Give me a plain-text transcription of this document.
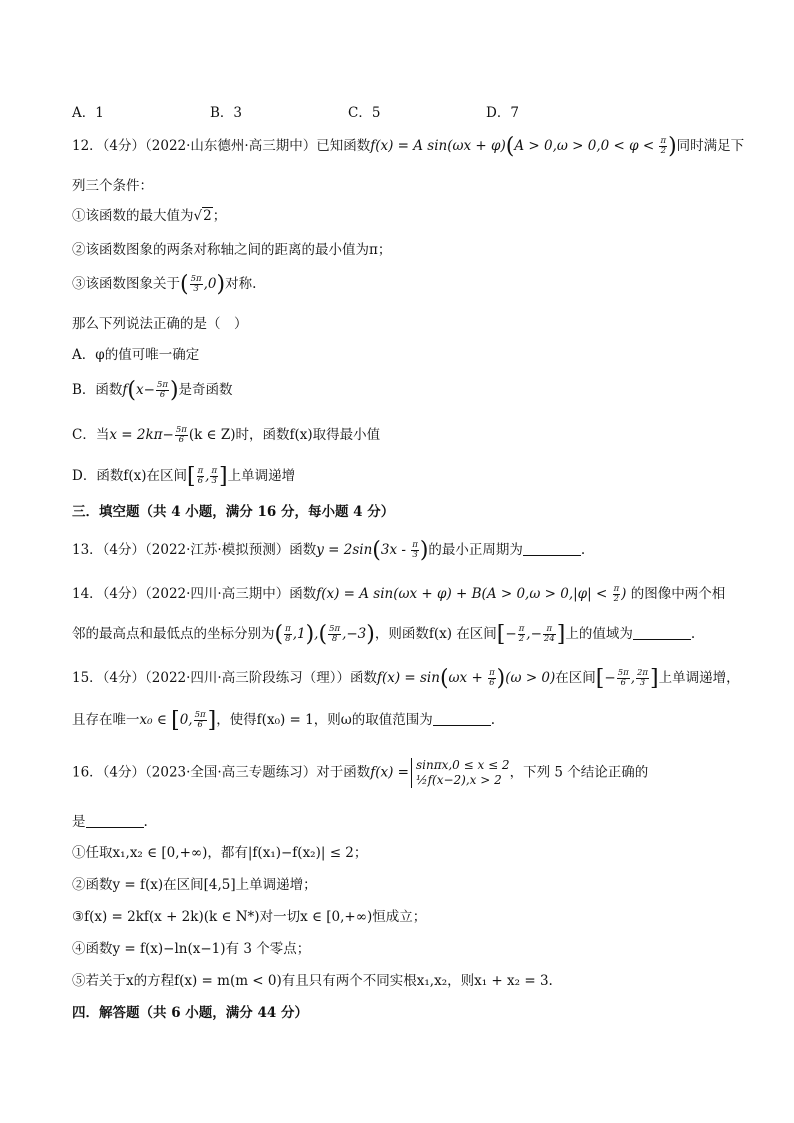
A．1	B．3	C．5	D．7
12．（4分）（2022·山东德州·高三期中）已知函数f(x) = A $\sin(\omega x + \varphi)(A > 0,\omega > 0,0 < \varphi < \frac{\pi}{2}$ )同时满足下
列三个条件：
①该函数的最大值为√2；
②该函数图象的两条对称轴之间的距离的最小值为π；
③该函数图象关于( $\frac{5\pi}{3} ,0$)对称.
那么下列说法正确的是（　）
A．φ的值可唯一确定
B．函数$f(x- \frac{5\pi}{6}$ )是奇函数
C．当$x = 2k\pi- \frac{5\pi}{6} (k$ ∈ Z)时，函数f(x)取得最小值
D．函数f(x)在区间[ $\frac{\pi}{6}$ , $\frac{\pi}{3}$ ]上单调递增
三．填空题（共 4 小题，满分 16 分，每小题 4 分）
13．（4分）（2022·江苏·模拟预测）函数$y = 2\sin(3x - \frac{\pi}{3}$ )的最小正周期为	.
14．（4分）（2022·四川·高三期中）函数f(x) = A $\sin(\omega x + \varphi) + B(A > 0,\omega > 0,|\varphi| < \frac{\pi}{2}$ ) 的图像中两个相
邻的最高点和最低点的坐标分别为( $\frac{\pi}{8} ,1),( \frac{5\pi}{8} ,-3)$，则函数f(x) 在区间[− $\frac{\pi}{2}$ ,− $\frac{\pi}{24}$ ]上的值域为	.
15．（4分）（2022·四川·高三阶段练习（理））函数$f(x) = \sin(\omega x + \frac{\pi}{6} )(\omega > 0)$在区间[− $\frac{5\pi}{6}$ , $\frac{2\pi}{3}$ ]上单调递增，
且存在唯一x₀ ∈ [0, $\frac{5\pi}{6}$ ]，使得f(x₀) = 1，则ω的取值范围为	.
16．（4分）（2023·全国·高三专题练习）对于函数f(x) = sinπx,0 ≤ x ≤ 2
½f(x−2),x > 2 ，下列 5 个结论正确的
是	.
①任取x₁,x₂ ∈ [0,+∞)，都有|f(x₁)−f(x₂)| ≤ 2；
②函数y = f(x)在区间[4,5]上单调递增；
③f(x) = 2kf(x + 2k)(k ∈ N*)对一切x ∈ [0,+∞)恒成立；
④函数y = f(x)−ln(x−1)有 3 个零点；
⑤若关于x的方程f(x) = m(m < 0)有且只有两个不同实根x₁,x₂，则x₁ + x₂ = 3.
四．解答题（共 6 小题，满分 44 分）
